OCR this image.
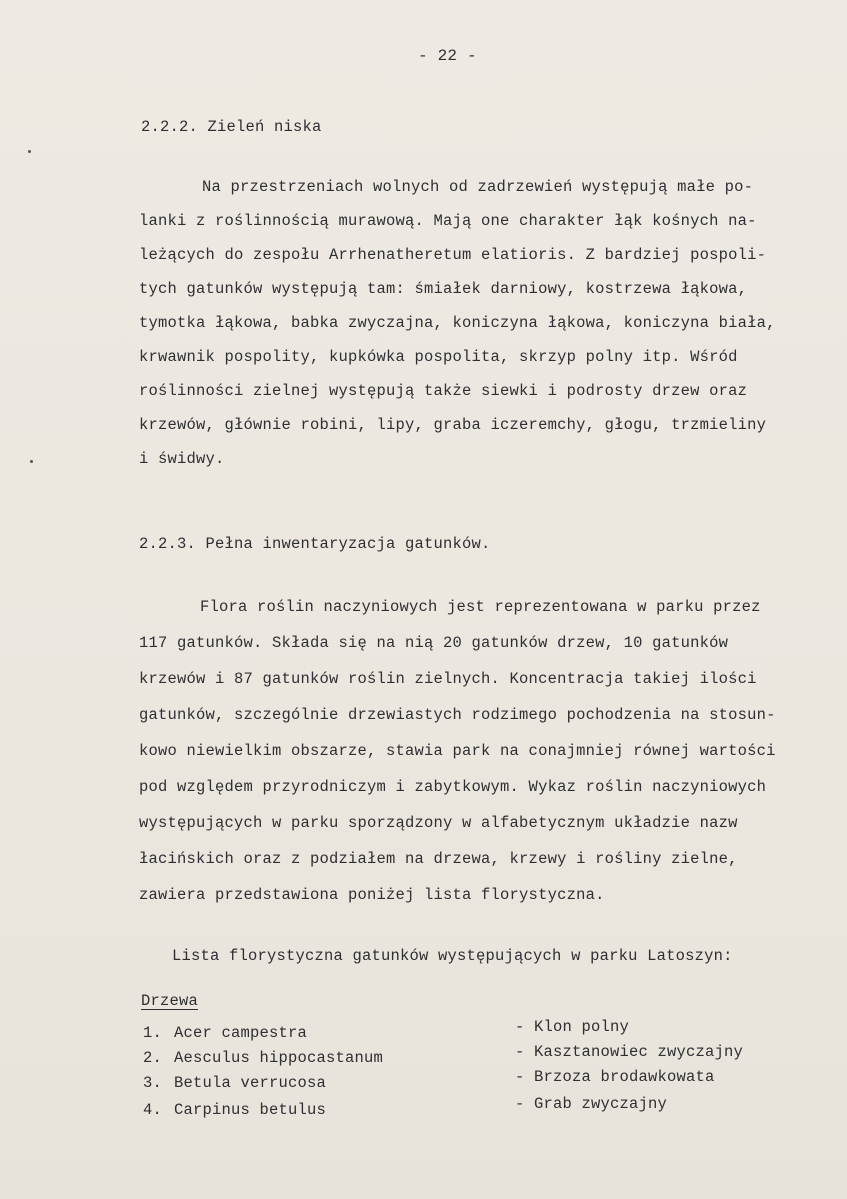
- 22 -
2.2.2. Zieleń niska
Na przestrzeniach wolnych od zadrzewień występują małe po-
lanki z roślinnością murawową. Mają one charakter łąk kośnych na-
leżących do zespołu Arrhenatheretum elatioris. Z bardziej pospoli-
tych gatunków występują tam: śmiałek darniowy, kostrzewa łąkowa,
tymotka łąkowa, babka zwyczajna, koniczyna łąkowa, koniczyna biała,
krwawnik pospolity, kupkówka pospolita, skrzyp polny itp. Wśród
roślinności zielnej występują także siewki i podrosty drzew oraz
krzewów, głównie robini, lipy, graba iczeremchy, głogu, trzmieliny
i świdwy.
2.2.3. Pełna inwentaryzacja gatunków.
Flora roślin naczyniowych jest reprezentowana w parku przez
117 gatunków. Składa się na nią 20 gatunków drzew, 10 gatunków
krzewów i 87 gatunków roślin zielnych. Koncentracja takiej ilości
gatunków, szczególnie drzewiastych rodzimego pochodzenia na stosun-
kowo niewielkim obszarze, stawia park na conajmniej równej wartości
pod względem przyrodniczym i zabytkowym. Wykaz roślin naczyniowych
występujących w parku sporządzony w alfabetycznym układzie nazw
łacińskich oraz z podziałem na drzewa, krzewy i rośliny zielne,
zawiera przedstawiona poniżej lista florystyczna.
Lista florystyczna gatunków występujących w parku Latoszyn:
Drzewa
1. Acer campestra	- Klon polny
2. Aesculus hippocastanum	- Kasztanowiec zwyczajny
3. Betula verrucosa	- Brzoza brodawkowata
4. Carpinus betulus	- Grab zwyczajny
